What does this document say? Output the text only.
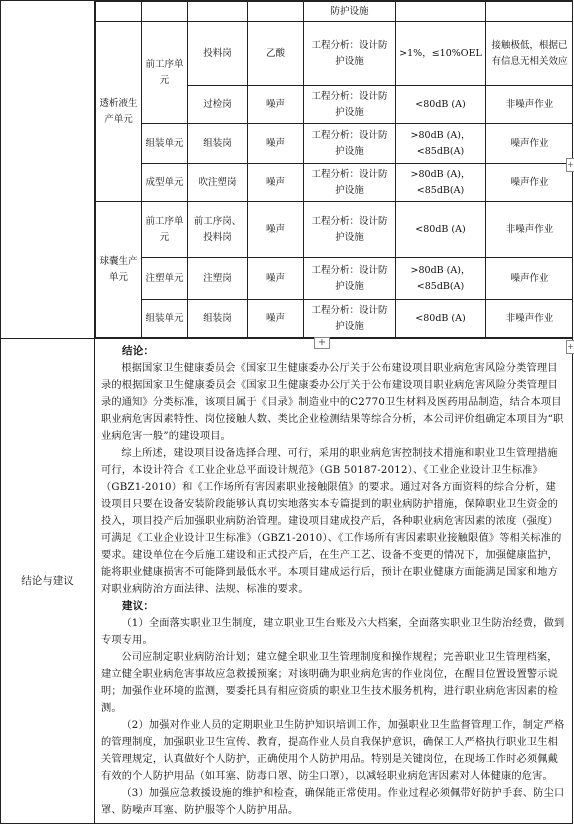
				防护设施		
透析液生产单元	前工序单元	投料岗	乙酸	工程分析：设计防护设施	>1%，≤10%OEL	接触极低，根据已有信息无相关效应
过检岗	噪声	工程分析：设计防护设施	<80dB (A)	非噪声作业
组装单元	组装岗	噪声	工程分析：设计防护设施	>80dB (A)，<85dB(A)	噪声作业
成型单元	吹注塑岗	噪声	工程分析：设计防护设施	>80dB (A)，<85dB(A)	噪声作业
球囊生产单元	前工序单元	前工序岗、投料岗	噪声	工程分析：设计防护设施	<80dB (A)	非噪声作业
注塑单元	注塑岗	噪声	工程分析：设计防护设施	>80dB (A)，<85dB(A)	噪声作业
组装单元	组装岗	噪声	工程分析：设计防护设施	<80dB (A)	非噪声作业

结论与建议	
结论：

根据国家卫生健康委员会《国家卫生健康委办公厅关于公布建设项目职业病危害风险分类管理目录的根据国家卫生健康委员会《国家卫生健康委办公厅关于公布建设项目职业病危害风险分类管理目录的通知》分类标准，该项目属于《目录》制造业中的C2770卫生材料及医药用品制造，结合本项目职业病危害因素特性、岗位接触人数、类比企业检测结果等综合分析，本公司评价组确定本项目为“职业病危害一般”的建设项目。

综上所述，建设项目设备选择合理、可行，采用的职业病危害控制技术措施和职业卫生管理措施可行，本设计符合《工业企业总平面设计规范》（GB 50187-2012）、《工业企业设计卫生标准》（GBZ1-2010）和《工作场所有害因素职业接触限值》的要求。通过对各方面资料的综合分析，建设项目只要在设备安装阶段能够认真切实地落实本专篇提到的职业病防护措施，保障职业卫生资金的投入，项目投产后加强职业病防治管理。建设项目建成投产后，各种职业病危害因素的浓度（强度）可满足《工业企业设计卫生标准》（GBZ1-2010）、《工作场所有害因素职业接触限值》等相关标准的要求。建设单位在今后施工建设和正式投产后，在生产工艺、设备不变更的情况下，加强健康监护，能将职业健康损害不可能降到最低水平。本项目建成运行后，预计在职业健康方面能满足国家和地方对职业病防治方面法律、法规、标准的要求。

建议：

（1）全面落实职业卫生制度，建立职业卫生台账及六大档案，全面落实职业卫生防治经费，做到专项专用。

公司应制定职业病防治计划；建立健全职业卫生管理制度和操作规程；完善职业卫生管理档案，建立健全职业病危害事故应急救援预案；对该明确为职业病危害的作业岗位，在醒目位置设置警示说明；加强作业环境的监测，要委托具有相应资质的职业卫生技术服务机构，进行职业病危害因素的检测。

（2）加强对作业人员的定期职业卫生防护知识培训工作，加强职业卫生监督管理工作，制定严格的管理制度，加强职业卫生宣传、教育，提高作业人员自我保护意识，确保工人严格执行职业卫生相关管理规定，认真做好个人防护，正确使用个人防护用品。特别是关键岗位，在现场工作时必须佩戴有效的个人防护用品（如耳塞、防毒口罩、防尘口罩），以减轻职业病危害因素对人体健康的危害。

（3）加强应急救援设施的维护和检查，确保能正常使用。作业过程必须佩带好防护手套、防尘口罩、防噪声耳塞、防护服等个人防护用品。

+
+
+
